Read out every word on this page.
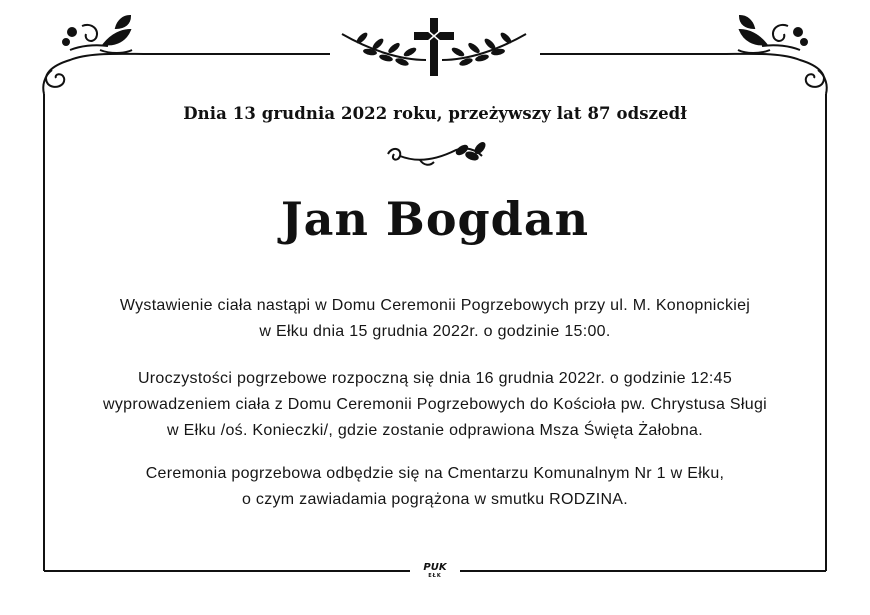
Dnia 13 grudnia 2022 roku, przeżywszy lat 87 odszedł
Jan Bogdan
Wystawienie ciała nastąpi w Domu Ceremonii Pogrzebowych przy ul. M. Konopnickiej
w Ełku dnia 15 grudnia 2022r. o godzinie 15:00.
Uroczystości pogrzebowe rozpoczną się dnia 16 grudnia 2022r. o godzinie 12:45
wyprowadzeniem ciała z Domu Ceremonii Pogrzebowych do Kościoła pw. Chrystusa Sługi
w Ełku /oś. Konieczki/, gdzie zostanie odprawiona Msza Święta Żałobna.
Ceremonia pogrzebowa odbędzie się na Cmentarzu Komunalnym Nr 1 w Ełku,
o czym zawiadamia pogrążona w smutku RODZINA.
PUK
EŁK
